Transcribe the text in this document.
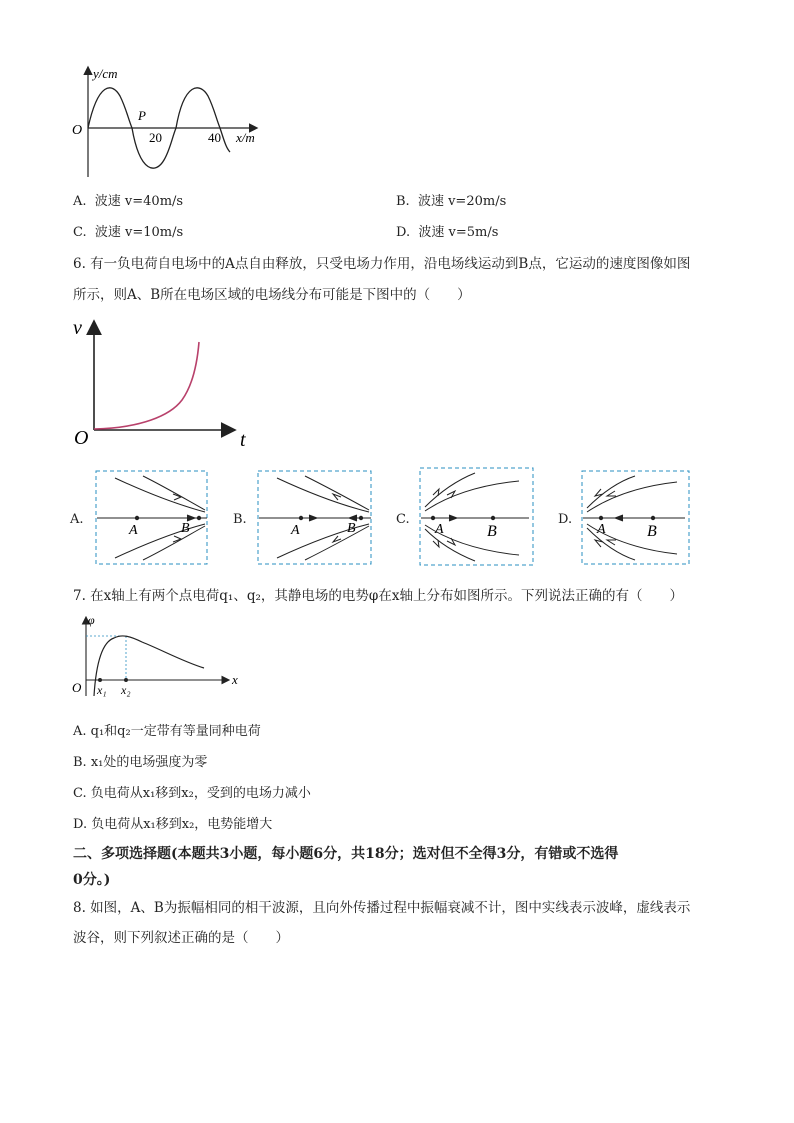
y/cm
O
P
20	40 x/m
A. 波速 v=40m/s	B. 波速 v=20m/s
C. 波速 v=10m/s	D. 波速 v=5m/s
6. 有一负电荷自电场中的A点自由释放，只受电场力作用，沿电场线运动到B点，它运动的速度图像如图
所示，则A、B所在电场区域的电场线分布可能是下图中的（　　）
v
O	t
A.
A	B
B.
A	B
C.
A	B
D.
A	B
7. 在x轴上有两个点电荷q₁、q₂，其静电场的电势φ在x轴上分布如图所示。下列说法正确的有（　　）
φ
O x₁ x₂
x
A. q₁和q₂一定带有等量同种电荷
B. x₁处的电场强度为零
C. 负电荷从x₁移到x₂，受到的电场力减小
D. 负电荷从x₁移到x₂，电势能增大
二、多项选择题(本题共3小题，每小题6分，共18分；选对但不全得3分，有错或不选得
0分。)
8. 如图，A、B为振幅相同的相干波源，且向外传播过程中振幅衰减不计，图中实线表示波峰，虚线表示
波谷，则下列叙述正确的是（　　）
